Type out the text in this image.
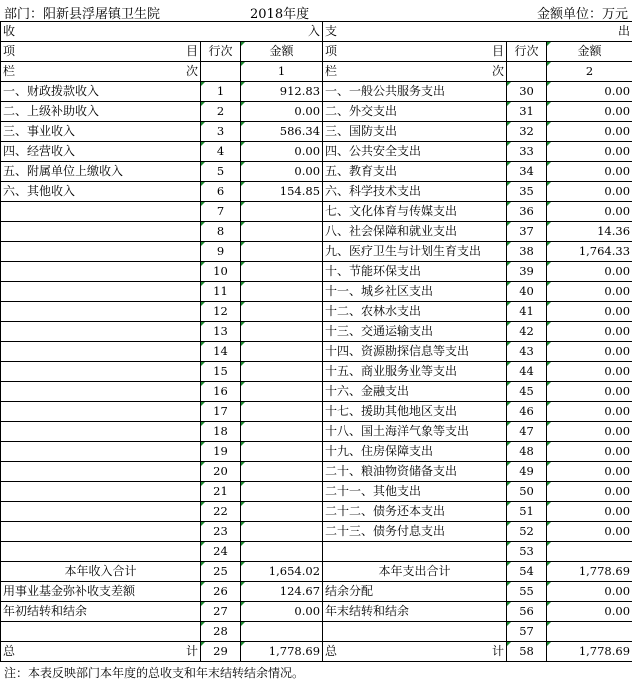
部门：阳新县浮屠镇卫生院	2018年度	金额单位：万元
收 入			支 出		

项 目	行次	金额	项 目	行次	金额

栏 次		1	栏 次		2
一、财政拨款收入	1	912.83	一、一般公共服务支出	30	0.00
二、上级补助收入	2	0.00	二、外交支出	31	0.00
三、事业收入	3	586.34	三、国防支出	32	0.00
四、经营收入	4	0.00	四、公共安全支出	33	0.00
五、附属单位上缴收入	5	0.00	五、教育支出	34	0.00
六、其他收入	6	154.85	六、科学技术支出	35	0.00
	7		七、文化体育与传媒支出	36	0.00
	8		八、社会保障和就业支出	37	14.36
	9		九、医疗卫生与计划生育支出	38	1,764.33
	10		十、节能环保支出	39	0.00
	11		十一、城乡社区支出	40	0.00
	12		十二、农林水支出	41	0.00
	13		十三、交通运输支出	42	0.00
	14		十四、资源勘探信息等支出	43	0.00
	15		十五、商业服务业等支出	44	0.00
	16		十六、金融支出	45	0.00
	17		十七、援助其他地区支出	46	0.00
	18		十八、国土海洋气象等支出	47	0.00
	19		十九、住房保障支出	48	0.00
	20		二十、粮油物资储备支出	49	0.00
	21		二十一、其他支出	50	0.00
	22		二十二、债务还本支出	51	0.00
	23		二十三、债务付息支出	52	0.00
	24			53	
本年收入合计	25	1,654.02	本年支出合计	54	1,778.69
用事业基金弥补收支差额	26	124.67	结余分配	55	0.00
年初结转和结余	27	0.00	年末结转和结余	56	0.00
	28			57	

总 计	29	1,778.69	总 计	58	1,778.69
注：本表反映部门本年度的总收支和年末结转结余情况。
